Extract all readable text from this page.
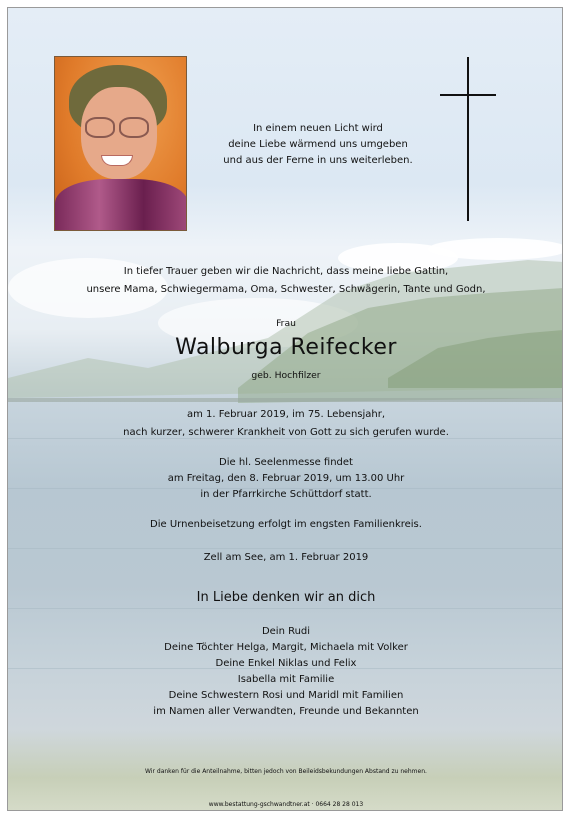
In einem neuen Licht wird
deine Liebe wärmend uns umgeben
und aus der Ferne in uns weiterleben.
In tiefer Trauer geben wir die Nachricht, dass meine liebe Gattin,
unsere Mama, Schwiegermama, Oma, Schwester, Schwägerin, Tante und Godn,
Frau
Walburga Reifecker
geb. Hochfilzer
am 1. Februar 2019, im 75. Lebensjahr,
nach kurzer, schwerer Krankheit von Gott zu sich gerufen wurde.
Die hl. Seelenmesse findet
am Freitag, den 8. Februar 2019, um 13.00 Uhr
in der Pfarrkirche Schüttdorf statt.
Die Urnenbeisetzung erfolgt im engsten Familienkreis.
Zell am See, am 1. Februar 2019
In Liebe denken wir an dich
Dein Rudi
Deine Töchter Helga, Margit, Michaela mit Volker
Deine Enkel Niklas und Felix
Isabella mit Familie
Deine Schwestern Rosi und Maridl mit Familien
im Namen aller Verwandten, Freunde und Bekannten
Wir danken für die Anteilnahme, bitten jedoch von Beileidsbekundungen Abstand zu nehmen.
www.bestattung-gschwandtner.at · 0664 28 28 013
